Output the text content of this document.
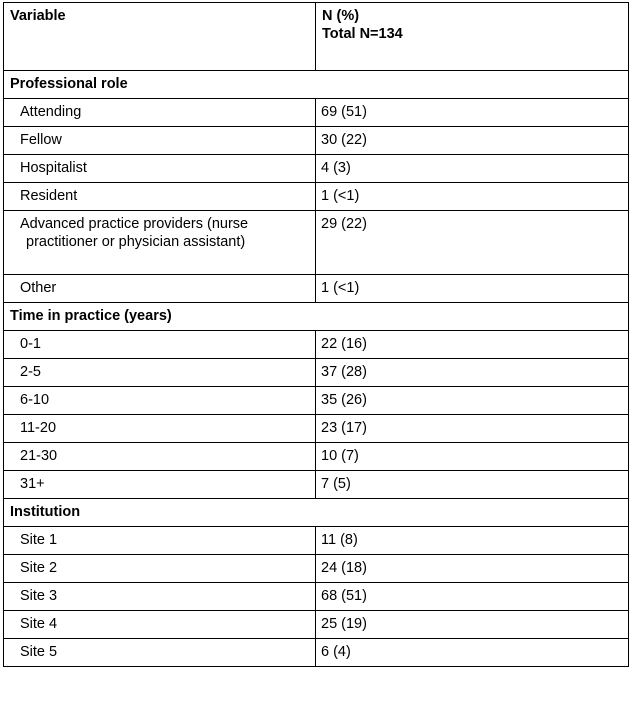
Variable	N (%)
Total N=134

Professional role	
Attending	69 (51)
Fellow	30 (22)
Hospitalist	4 (3)
Resident	1 (<1)
Advanced practice providers (nurse
practitioner or physician assistant)	29 (22)
Other	1 (<1)
Time in practice (years)	
0-1	22 (16)
2-5	37 (28)
6-10	35 (26)
11-20	23 (17)
21-30	10 (7)
31+	7 (5)
Institution	
Site 1	11 (8)
Site 2	24 (18)
Site 3	68 (51)
Site 4	25 (19)
Site 5	6 (4)
